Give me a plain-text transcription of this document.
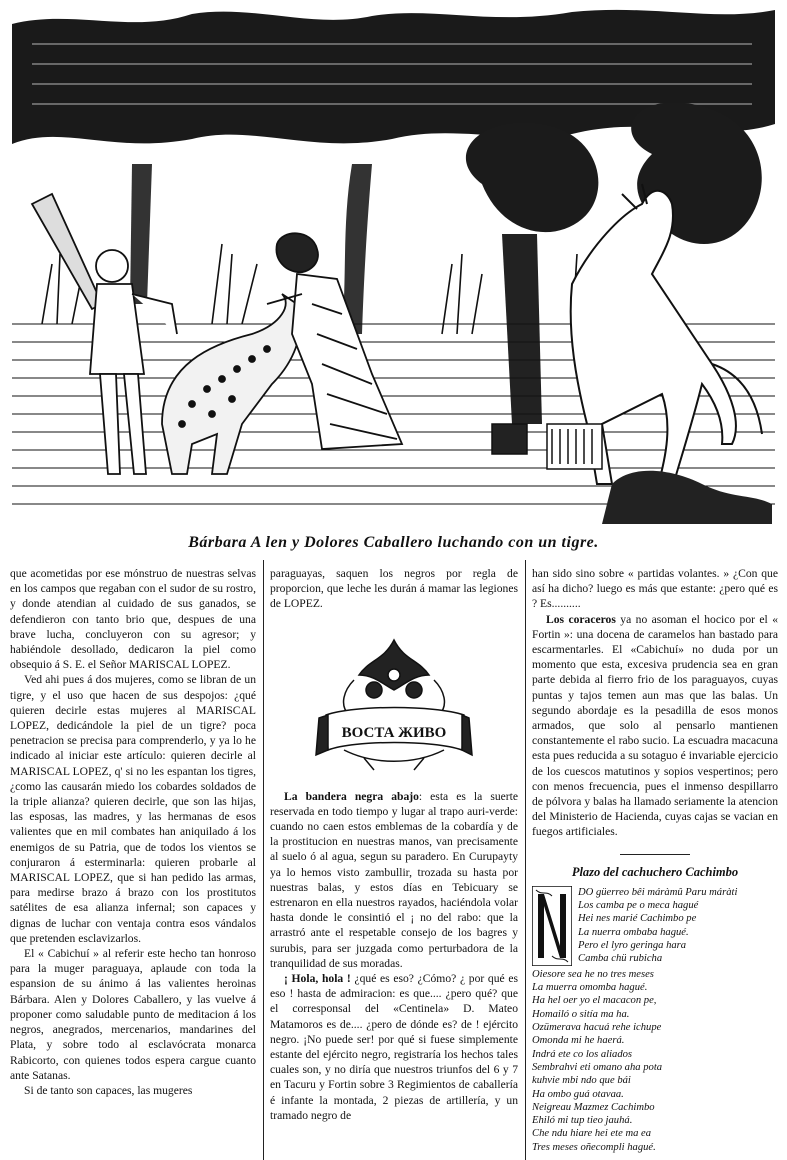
Bárbara A len y Dolores Caballero luchando con un tigre.

que acometidas por ese mónstruo de nuestras selvas en los campos que regaban con el sudor de su rostro, y donde atendian al cuidado de sus ganados, se defendieron con tanto brio que, despues de una brave lucha, concluyeron con su agresor; y habiéndole desollado, dedicaron la piel como obsequio á S. E. el Señor MARISCAL LOPEZ.

Ved ahi pues á dos mujeres, como se libran de un tigre, y el uso que hacen de sus despojos: ¿qué quieren decirle estas mujeres al MARISCAL LOPEZ, dedicándole la piel de un tigre? poca penetracion se precisa para comprenderlo, y ya lo he indicado al iniciar este artículo: quieren decirle al MARISCAL LOPEZ, q' si no les espantan los tigres, ¿como las causarán miedo los cobardes soldados de la triple alianza? quieren decirle, que son las hijas, las esposas, las madres, y las hermanas de esos valientes que en mil combates han aniquilado á los enemigos de su Patria, que de todos los vientos se conjuraron á esterminarla: quieren probarle al MARISCAL LOPEZ, que si han pedido las armas, para medirse brazo á brazo con los prostitutos satélites de esa alianza infernal; son capaces y dignas de luchar con ventaja contra esos vándalos que pretenden esclavizarlos.

El « Cabichuí » al referir este hecho tan honroso para la muger paraguaya, aplaude con toda la espansion de su ánimo á las valientes heroinas Bárbara. Alen y Dolores Caballero, y las vuelve á proponer como saludable punto de meditacion á los negros, anegrados, mercenarios, mandarines del Plata, y sobre todo al esclavócrata monarca Rabicorto, con quienes todos espera cargue cuanto ante Satanas.

Si de tanto son capaces, las mugeres

paraguayas, saquen los negros por regla de proporcion, que leche les durán á mamar las legiones de LOPEZ.

ВОСТА ЖИВО

La bandera negra abajo: esta es la suerte reservada en todo tiempo y lugar al trapo auri-verde: cuando no caen estos emblemas de la cobardía y de la prostitucion en nuestras manos, van precisamente al suelo ó al agua, segun su paradero. En Curupayty ya lo hemos visto zambullir, trozada su hasta por nuestras balas, y estos días en Tebicuary se estrenaron en ella nuestros rayados, haciéndola volar hasta donde le consintió el ¡ no del rabo: que la arrastró ante el respetable consejo de los bagres y surubis, para ser juzgada como perturbadora de la tranquilidad de sus moradas.

¡ Hola, hola ! ¿qué es eso? ¿Cómo? ¿ por qué es eso ! hasta de admiracion: es que.... ¿pero qué? que el corresponsal del «Centinela» D. Mateo Matamoros es de.... ¿pero de dónde es? de ! ejército negro. ¡No puede ser! por qué si fuese simplemente estante del ejército negro, registraría los hechos tales cuales son, y no diría que nuestros triunfos del 6 y 7 en Tacuru y Fortin sobre 3 Regimientos de caballería é infante la montada, 2 piezas de artillería, y un tramado negro de

han sido sino sobre « partidas volantes. » ¿Con que así ha dicho? luego es más que estante: ¿pero qué es ? Es..........

Los coraceros ya no asoman el hocico por el « Fortin »: una docena de caramelos han bastado para escarmentarles. El «Cabichuí» no duda por un momento que esta, excesiva prudencia sea en gran parte debida al fierro frio de los paraguayos, cuyas puntas y tajos temen aun mas que las balas. Un segundo abordaje es la pesadilla de esos monos armados, que solo al pensarlo mantienen constantemente el rabo sucio. La escuadra macacuna esta pues reducida a su sotaguo é invariable ejercicio de los cuescos matutinos y sopios vespertinos; pero con menos frecuencia, pues el inmenso despillarro de pólvora y balas ha llamado seriamente la atencion del Ministerio de Hacienda, cuyas cajas se vacian en fuegos artificiales.

Plazo del cachuchero Cachimbo
DO güerreo bêi máràmû Paru máràti
Los camba pe o meca hagué
Hei nes marié Cachimbo pe
La nuerra ombaba hagué.
Pero el lyro geringa hara
Camba chü rubicha
Oiesore sea he no tres meses
La muerra omomba hagué.
Ha hel oer yo el macacon pe,
Homailó o sitía ma ha.
Ozümerava hacuá rehe ichupe
Omonda mi he haerá.
Indrá ete co los aliados
Sembrahvi eti omano aha pota
kuhvie mbi ndo que bái
Ha ombo guá otavaa.
Neigreau Mazmez Cachimbo
Ehiló mi tup tieo jauhá.
Che ndu hiare hei ete ma ea
Tres meses oñecompli hagué.
